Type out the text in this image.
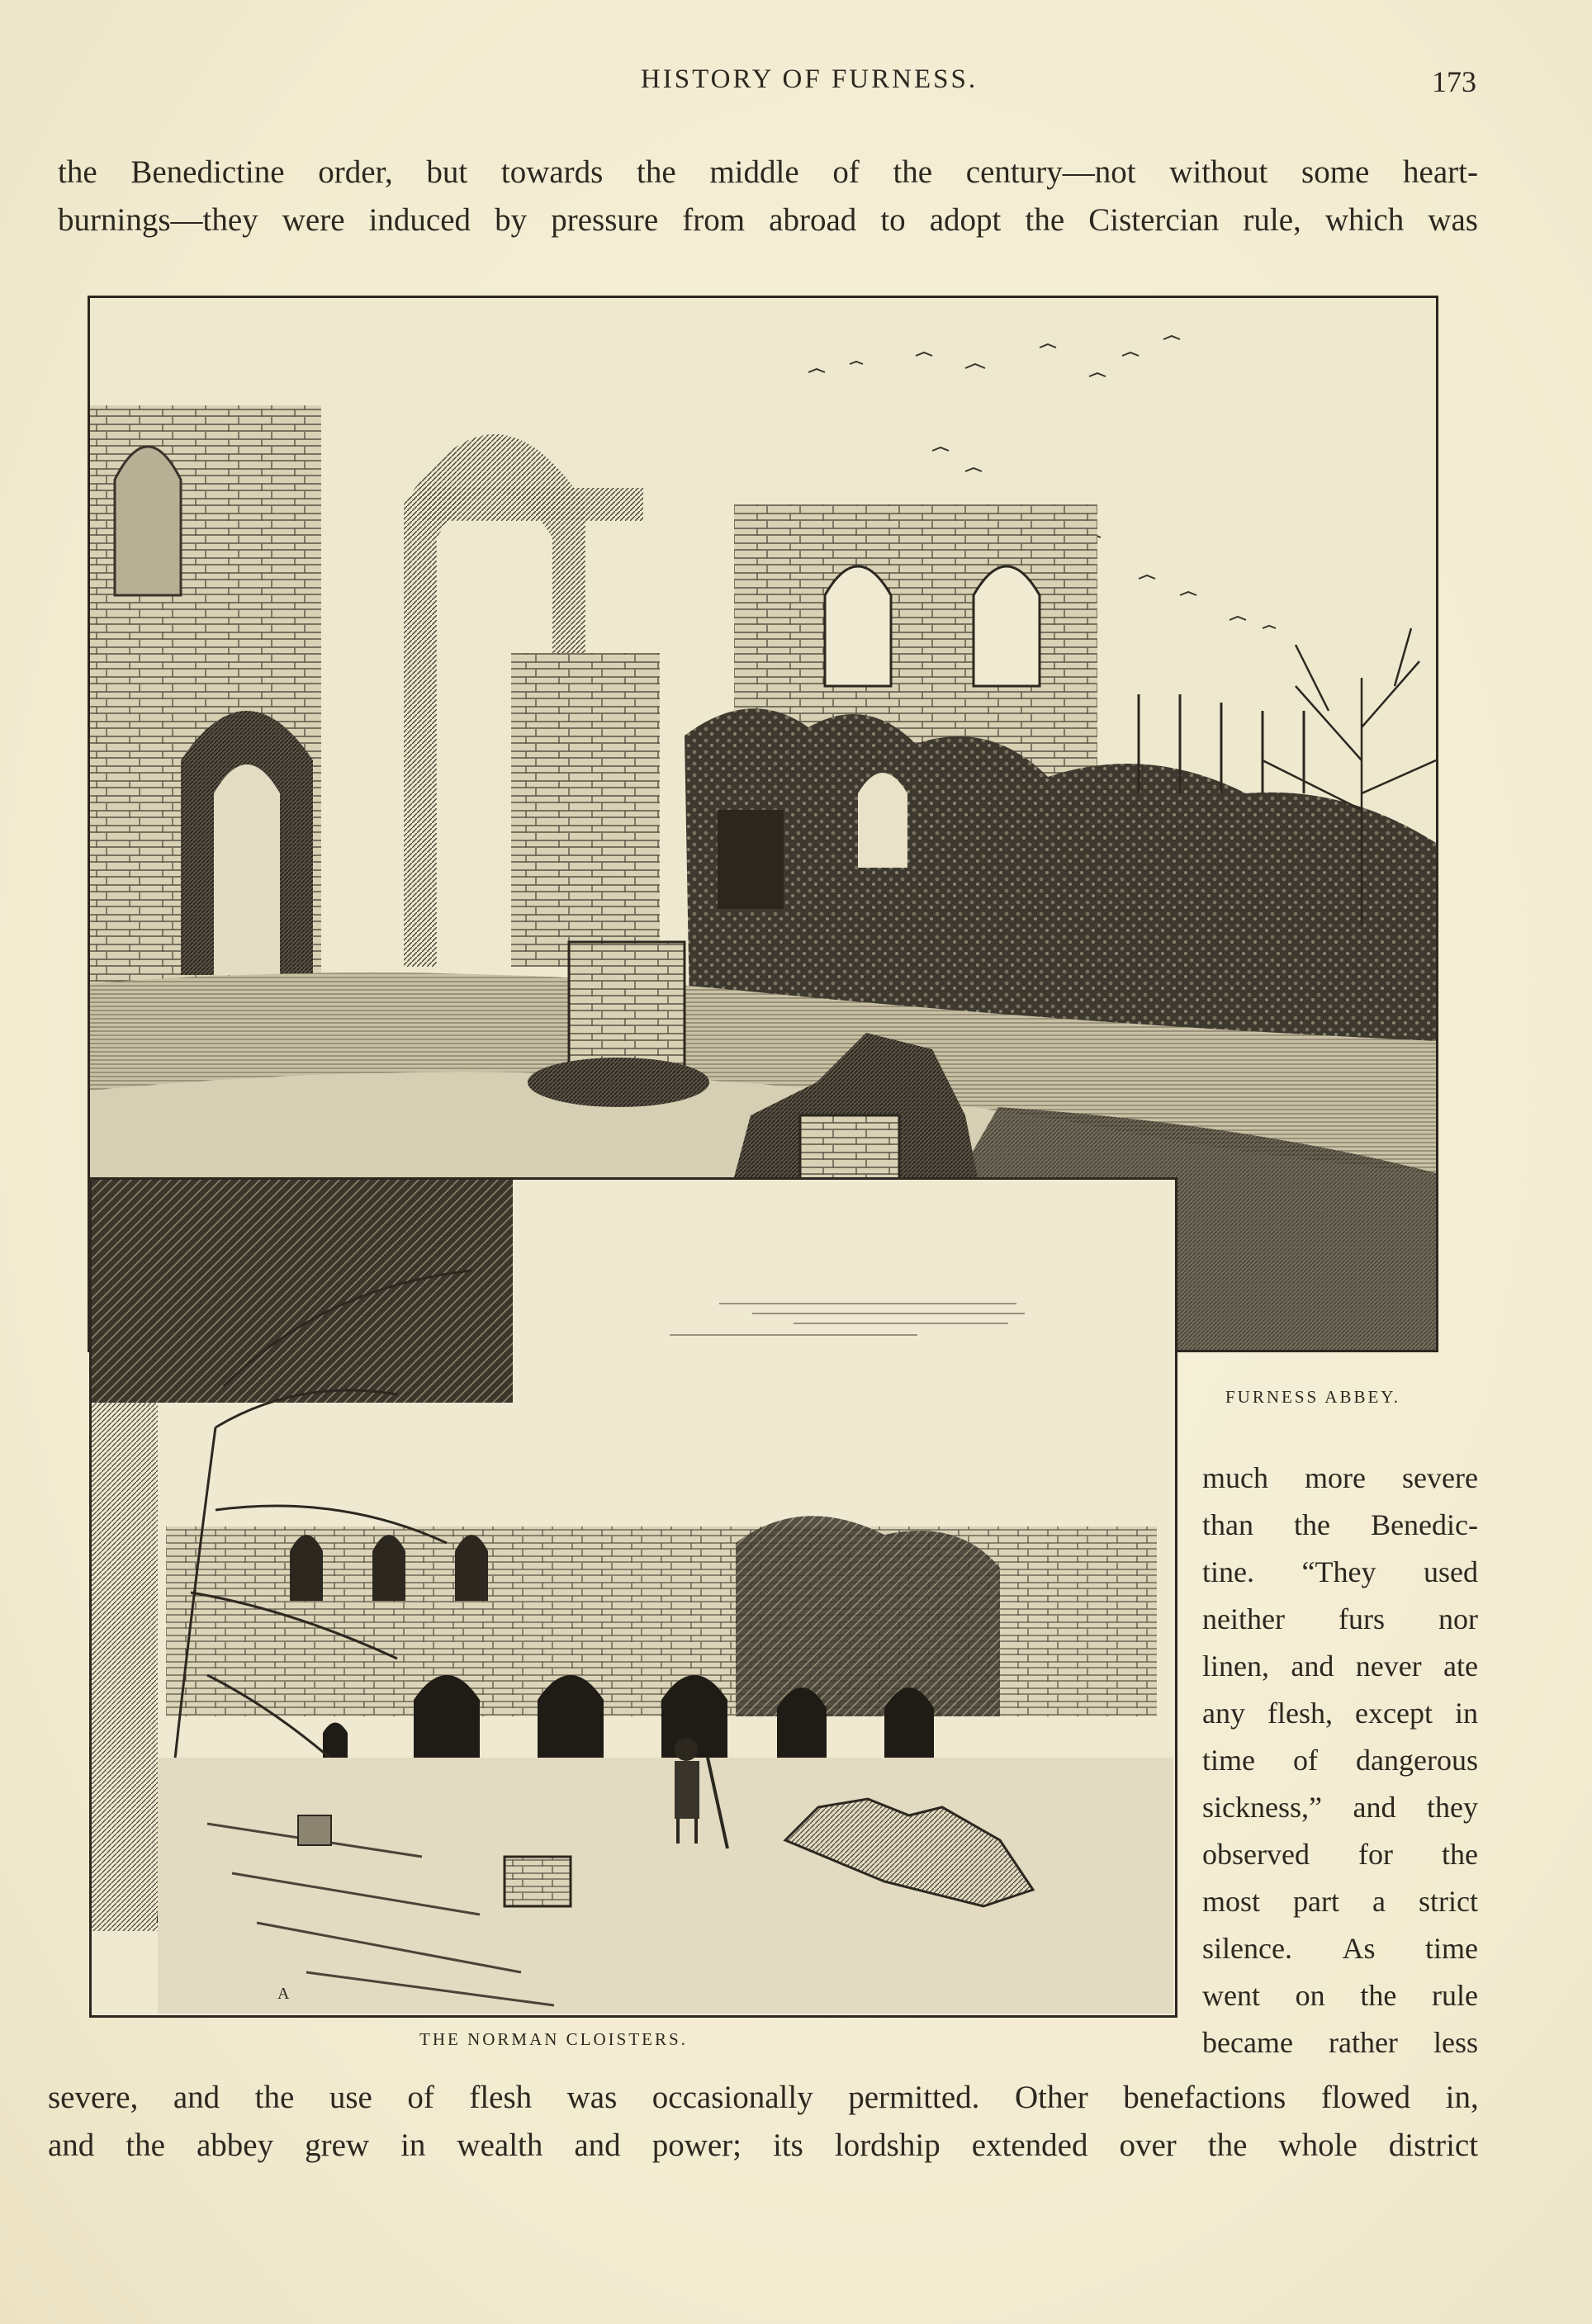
HISTORY OF FURNESS.	173
the Benedictine order, but towards the middle of the century—not without some heart-
burnings—they were induced by pressure from abroad to adopt the Cistercian rule, which was
FURNESS ABBEY.
A
THE NORMAN CLOISTERS.
much more severe
than the Benedic-
tine. “They used
neither furs nor
linen, and never ate
any flesh, except in
time of dangerous
sickness,” and they
observed for the
most part a strict
silence. As time
went on the rule
became rather less
severe, and the use of flesh was occasionally permitted. Other benefactions flowed in,
and the abbey grew in wealth and power; its lordship extended over the whole district
